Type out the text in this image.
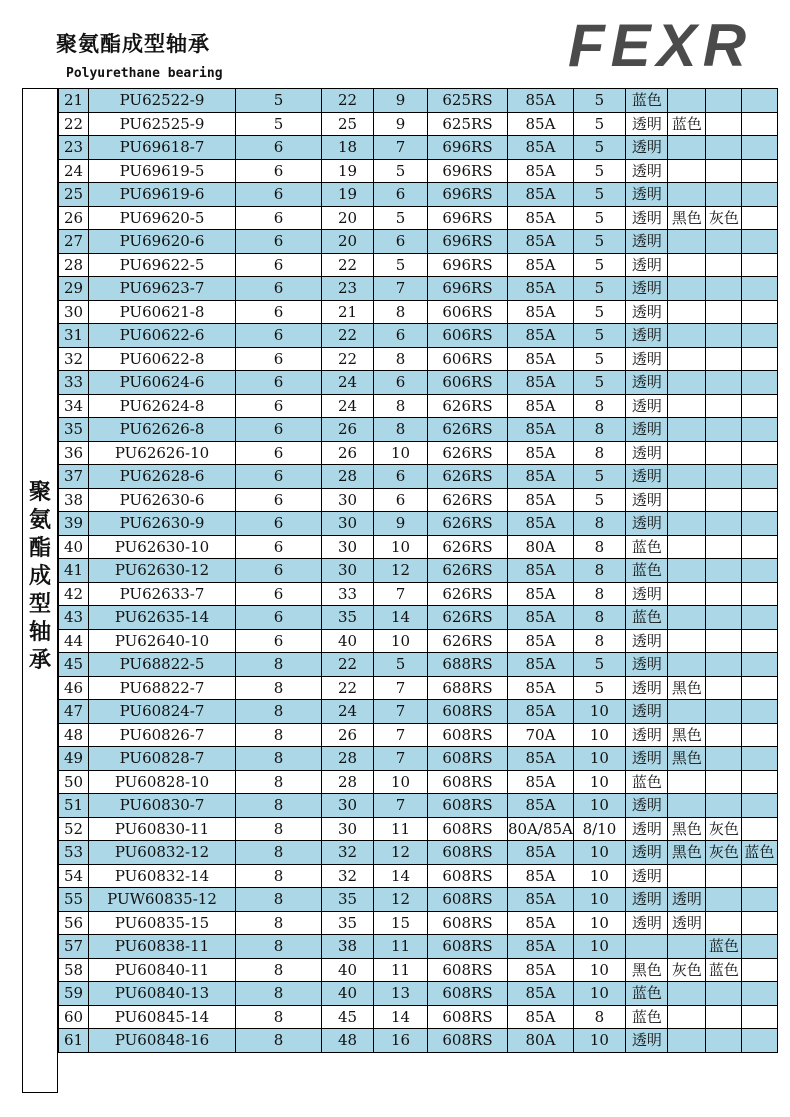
聚氨酯成型轴承
Polyurethane bearing	FEXR
聚
氨
酯
成
型
轴
承
21	PU62522-9	5	22	9	625RS	85A	5	蓝色			
22	PU62525-9	5	25	9	625RS	85A	5	透明	蓝色		
23	PU69618-7	6	18	7	696RS	85A	5	透明			
24	PU69619-5	6	19	5	696RS	85A	5	透明			
25	PU69619-6	6	19	6	696RS	85A	5	透明			
26	PU69620-5	6	20	5	696RS	85A	5	透明	黑色	灰色	
27	PU69620-6	6	20	6	696RS	85A	5	透明			
28	PU69622-5	6	22	5	696RS	85A	5	透明			
29	PU69623-7	6	23	7	696RS	85A	5	透明			
30	PU60621-8	6	21	8	606RS	85A	5	透明			
31	PU60622-6	6	22	6	606RS	85A	5	透明			
32	PU60622-8	6	22	8	606RS	85A	5	透明			
33	PU60624-6	6	24	6	606RS	85A	5	透明			
34	PU62624-8	6	24	8	626RS	85A	8	透明			
35	PU62626-8	6	26	8	626RS	85A	8	透明			
36	PU62626-10	6	26	10	626RS	85A	8	透明			
37	PU62628-6	6	28	6	626RS	85A	5	透明			
38	PU62630-6	6	30	6	626RS	85A	5	透明			
39	PU62630-9	6	30	9	626RS	85A	8	透明			
40	PU62630-10	6	30	10	626RS	80A	8	蓝色			
41	PU62630-12	6	30	12	626RS	85A	8	蓝色			
42	PU62633-7	6	33	7	626RS	85A	8	透明			
43	PU62635-14	6	35	14	626RS	85A	8	蓝色			
44	PU62640-10	6	40	10	626RS	85A	8	透明			
45	PU68822-5	8	22	5	688RS	85A	5	透明			
46	PU68822-7	8	22	7	688RS	85A	5	透明	黑色		
47	PU60824-7	8	24	7	608RS	85A	10	透明			
48	PU60826-7	8	26	7	608RS	70A	10	透明	黑色		
49	PU60828-7	8	28	7	608RS	85A	10	透明	黑色		
50	PU60828-10	8	28	10	608RS	85A	10	蓝色			
51	PU60830-7	8	30	7	608RS	85A	10	透明			
52	PU60830-11	8	30	11	608RS	80A/85A	8/10	透明	黑色	灰色	
53	PU60832-12	8	32	12	608RS	85A	10	透明	黑色	灰色	蓝色
54	PU60832-14	8	32	14	608RS	85A	10	透明			
55	PUW60835-12	8	35	12	608RS	85A	10	透明	透明		
56	PU60835-15	8	35	15	608RS	85A	10	透明	透明		
57	PU60838-11	8	38	11	608RS	85A	10			蓝色	
58	PU60840-11	8	40	11	608RS	85A	10	黑色	灰色	蓝色	
59	PU60840-13	8	40	13	608RS	85A	10	蓝色			
60	PU60845-14	8	45	14	608RS	85A	8	蓝色			
61	PU60848-16	8	48	16	608RS	80A	10	透明			
